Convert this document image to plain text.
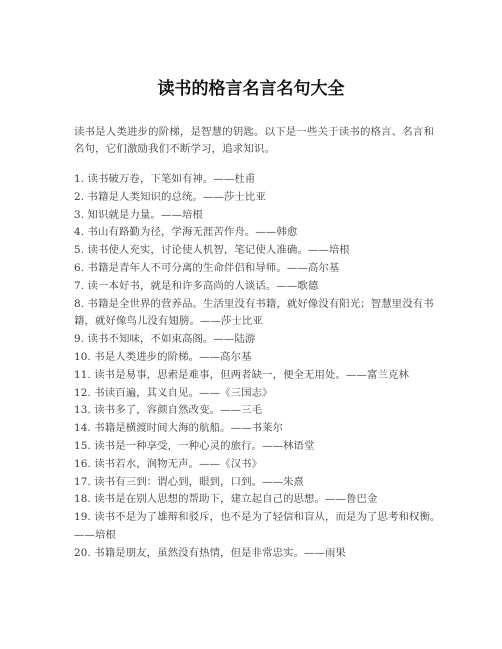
读书的格言名言名句大全

读书是人类进步的阶梯，是智慧的钥匙。以下是一些关于读书的格言、名言和名句，它们激励我们不断学习，追求知识。

1. 读书破万卷，下笔如有神。——杜甫
2. 书籍是人类知识的总统。——莎士比亚
3. 知识就是力量。——培根
4. 书山有路勤为径，学海无涯苦作舟。——韩愈
5. 读书使人充实，讨论使人机智，笔记使人准确。——培根
6. 书籍是青年人不可分离的生命伴侣和导师。——高尔基
7. 读一本好书，就是和许多高尚的人谈话。——歌德
8. 书籍是全世界的营养品。生活里没有书籍，就好像没有阳光；智慧里没有书籍，就好像鸟儿没有翅膀。——莎士比亚
9. 读书不知味，不如束高阁。——陆游
10. 书是人类进步的阶梯。——高尔基
11. 读书是易事，思索是难事，但两者缺一，便全无用处。——富兰克林
12. 书读百遍，其义自见。——《三国志》
13. 读书多了，容颜自然改变。——三毛
14. 书籍是横渡时间大海的航船。——书莱尔
15. 读书是一种享受，一种心灵的旅行。——林语堂
16. 读书若水，润物无声。——《汉书》
17. 读书有三到：谓心到，眼到，口到。——朱熹
18. 读书是在别人思想的帮助下，建立起自己的思想。——鲁巴金
19. 读书不是为了雄辩和驳斥，也不是为了轻信和盲从，而是为了思考和权衡。——培根
20. 书籍是朋友，虽然没有热情，但是非常忠实。——雨果
